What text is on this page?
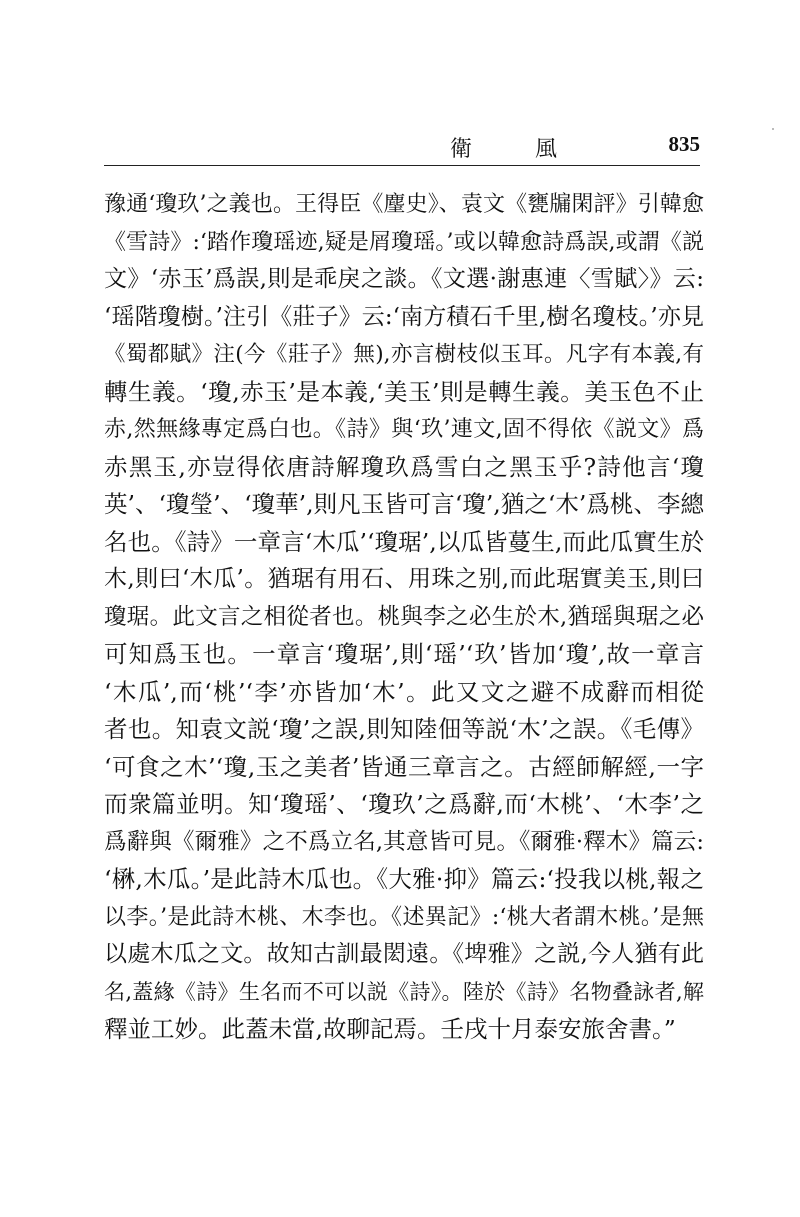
衛 風	835
豫通‘瓊玖’之義也。王得臣《麈史》、袁文《甕牖閑評》引韓愈
《雪詩》:‘踏作瓊瑶迹,疑是屑瓊瑶。’或以韓愈詩爲誤,或謂《説
文》‘赤玉’爲誤,則是乖戾之談。《文選·謝惠連〈雪賦〉》云:
‘瑶階瓊樹。’注引《莊子》云:‘南方積石千里,樹名瓊枝。’亦見
《蜀都賦》注(今《莊子》無),亦言樹枝似玉耳。凡字有本義,有
轉生義。‘瓊,赤玉’是本義,‘美玉’則是轉生義。美玉色不止
赤,然無緣專定爲白也。《詩》與‘玖’連文,固不得依《説文》爲
赤黑玉,亦豈得依唐詩解瓊玖爲雪白之黑玉乎?詩他言‘瓊
英’、‘瓊瑩’、‘瓊華’,則凡玉皆可言‘瓊’,猶之‘木’爲桃、李總
名也。《詩》一章言‘木瓜’‘瓊琚’,以瓜皆蔓生,而此瓜實生於
木,則曰‘木瓜’。猶琚有用石、用珠之别,而此琚實美玉,則曰
瓊琚。此文言之相從者也。桃與李之必生於木,猶瑶與琚之必
可知爲玉也。一章言‘瓊琚’,則‘瑶’‘玖’皆加‘瓊’,故一章言
‘木瓜’,而‘桃’‘李’亦皆加‘木’。此又文之避不成辭而相從
者也。知袁文説‘瓊’之誤,則知陸佃等説‘木’之誤。《毛傳》
‘可食之木’‘瓊,玉之美者’皆通三章言之。古經師解經,一字
而衆篇並明。知‘瓊瑶’、‘瓊玖’之爲辭,而‘木桃’、‘木李’之
爲辭與《爾雅》之不爲立名,其意皆可見。《爾雅·釋木》篇云:
‘楙,木瓜。’是此詩木瓜也。《大雅·抑》篇云:‘投我以桃,報之
以李。’是此詩木桃、木李也。《述異記》:‘桃大者謂木桃。’是無
以處木瓜之文。故知古訓最閎遠。《埤雅》之説,今人猶有此
名,蓋緣《詩》生名而不可以説《詩》。陸於《詩》名物叠詠者,解
釋並工妙。此蓋未當,故聊記焉。壬戌十月泰安旅舍書。”
